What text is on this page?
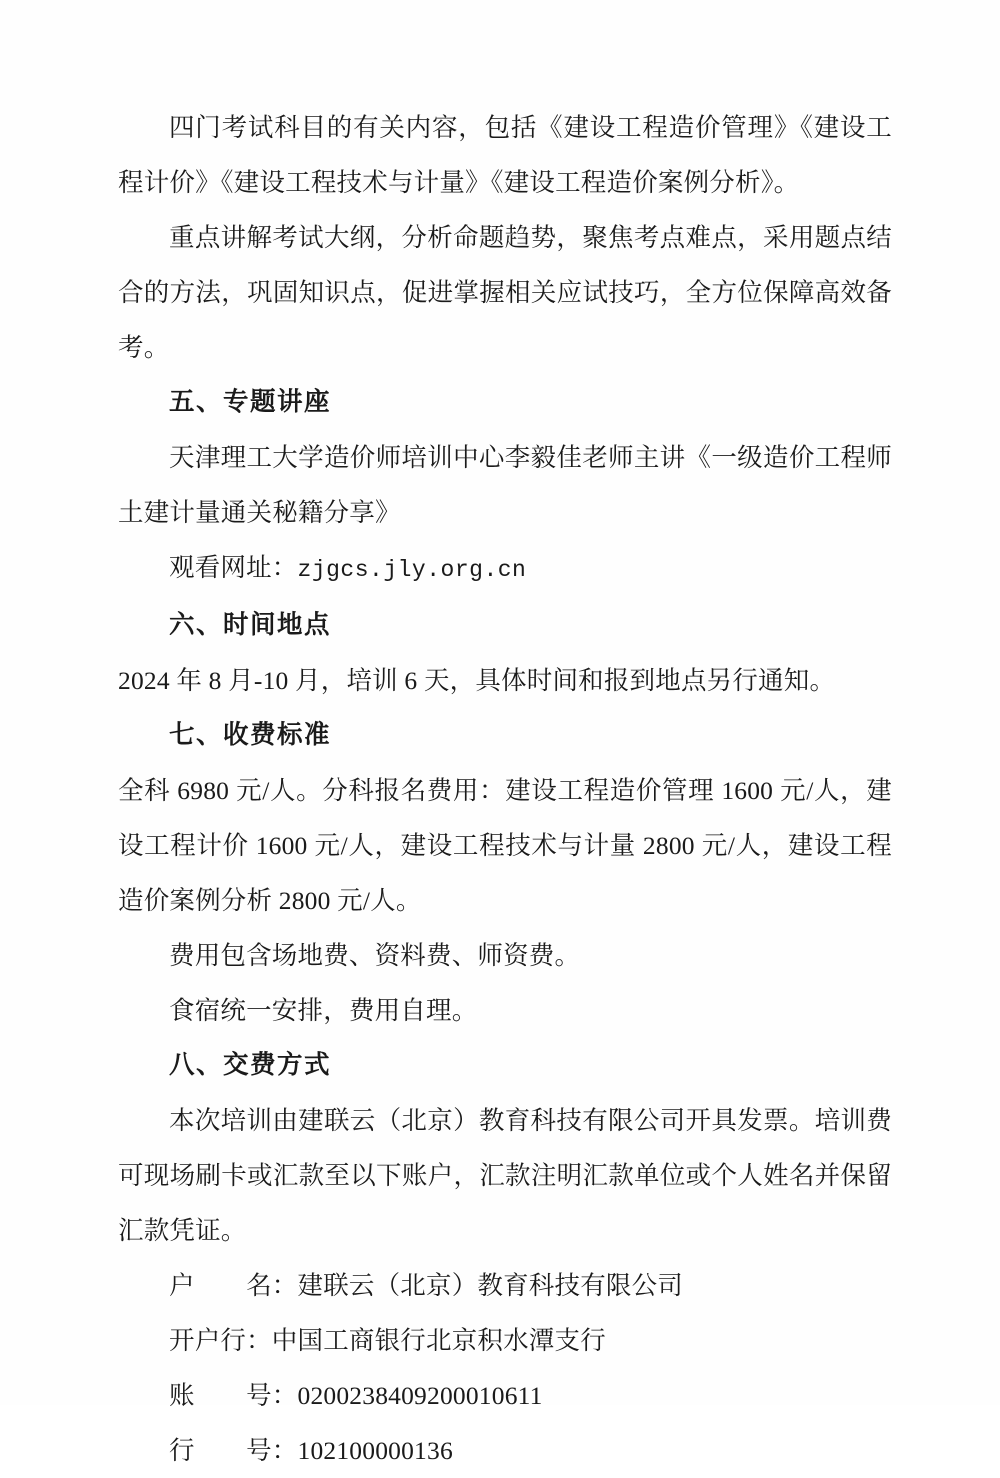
四门考试科目的有关内容，包括《建设工程造价管理》《建设工程计价》《建设工程技术与计量》《建设工程造价案例分析》。

重点讲解考试大纲，分析命题趋势，聚焦考点难点，采用题点结合的方法，巩固知识点，促进掌握相关应试技巧，全方位保障高效备考。

五、专题讲座

天津理工大学造价师培训中心李毅佳老师主讲《一级造价工程师土建计量通关秘籍分享》

观看网址：zjgcs.jly.org.cn

六、时间地点

2024 年 8 月-10 月，培训 6 天，具体时间和报到地点另行通知。

七、收费标准

全科 6980 元/人。分科报名费用：建设工程造价管理 1600 元/人，建设工程计价 1600 元/人，建设工程技术与计量 2800 元/人，建设工程造价案例分析 2800 元/人。

费用包含场地费、资料费、师资费。

食宿统一安排，费用自理。

八、交费方式

本次培训由建联云（北京）教育科技有限公司开具发票。培训费可现场刷卡或汇款至以下账户，汇款注明汇款单位或个人姓名并保留汇款凭证。

户　　名：建联云（北京）教育科技有限公司

开户行：中国工商银行北京积水潭支行

账　　号：0200238409200010611

行　　号：102100000136
